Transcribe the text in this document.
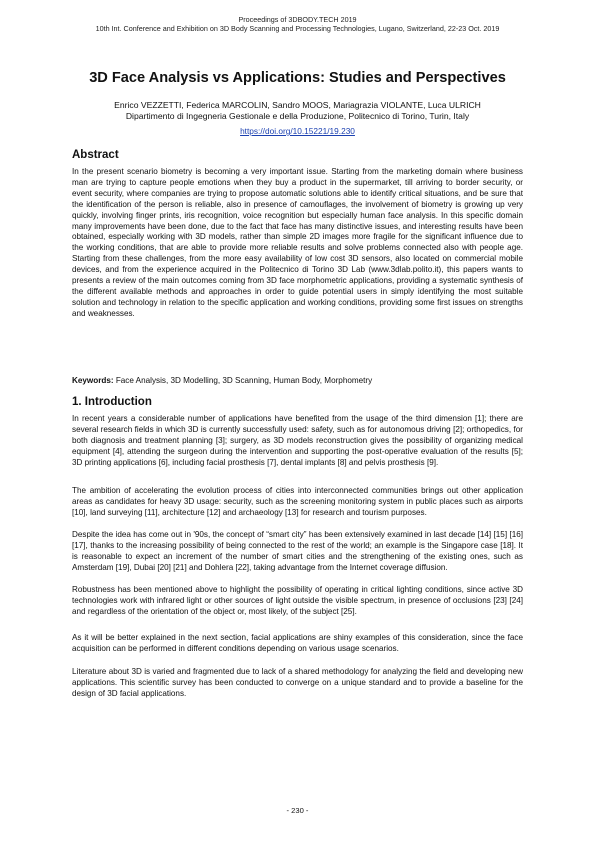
Proceedings of 3DBODY.TECH 2019
10th Int. Conference and Exhibition on 3D Body Scanning and Processing Technologies, Lugano, Switzerland, 22-23 Oct. 2019
3D Face Analysis vs Applications: Studies and Perspectives
Enrico VEZZETTI, Federica MARCOLIN, Sandro MOOS, Mariagrazia VIOLANTE, Luca ULRICH
Dipartimento di Ingegneria Gestionale e della Produzione, Politecnico di Torino, Turin, Italy
https://doi.org/10.15221/19.230
Abstract

In the present scenario biometry is becoming a very important issue. Starting from the marketing domain where business man are trying to capture people emotions when they buy a product in the supermarket, till arriving to border security, or event security, where companies are trying to propose automatic solutions able to identify critical situations, and be sure that the identification of the person is reliable, also in presence of camouflages, the involvement of biometry is growing up very quickly, involving finger prints, iris recognition, voice recognition but especially human face analysis. In this specific domain many improvements have been done, due to the fact that face has many distinctive issues, and interesting results have been obtained, especially working with 3D models, rather than simple 2D images more fragile for the significant influence due to the working conditions, that are able to provide more reliable results and solve problems connected also with people age. Starting from these challenges, from the more easy availability of low cost 3D sensors, also located on commercial mobile devices, and from the experience acquired in the Politecnico di Torino 3D Lab (www.3dlab.polito.it), this papers wants to presents a review of the main outcomes coming from 3D face morphometric applications, providing a systematic synthesis of the different available methods and approaches in order to guide potential users in simply identifying the most suitable solution and technology in relation to the specific application and working conditions, providing some first issues on strengths and weaknesses.

Keywords: Face Analysis, 3D Modelling, 3D Scanning, Human Body, Morphometry
1. Introduction

In recent years a considerable number of applications have benefited from the usage of the third dimension [1]; there are several research fields in which 3D is currently successfully used: safety, such as for autonomous driving [2]; orthopedics, for both diagnosis and treatment planning [3]; surgery, as 3D models reconstruction gives the possibility of organizing medical equipment [4], attending the surgeon during the intervention and supporting the post-operative evaluation of the results [5]; 3D printing applications [6], including facial prosthesis [7], dental implants [8] and pelvis prosthesis [9].

The ambition of accelerating the evolution process of cities into interconnected communities brings out other application areas as candidates for heavy 3D usage: security, such as the screening monitoring system in public places such as airports [10], land surveying [11], architecture [12] and archaeology [13] for research and tourism purposes.

Despite the idea has come out in '90s, the concept of “smart city” has been extensively examined in last decade [14] [15] [16] [17], thanks to the increasing possibility of being connected to the rest of the world; an example is the Singapore case [18]. It is reasonable to expect an increment of the number of smart cities and the strengthening of the existing ones, such as Amsterdam [19], Dubai [20] [21] and Dohlera [22], taking advantage from the Internet coverage diffusion.

Robustness has been mentioned above to highlight the possibility of operating in critical lighting conditions, since active 3D technologies work with infrared light or other sources of light outside the visible spectrum, in presence of occlusions [23] [24] and regardless of the orientation of the object or, most likely, of the subject [25].

As it will be better explained in the next section, facial applications are shiny examples of this consideration, since the face acquisition can be performed in different conditions depending on various usage scenarios.

Literature about 3D is varied and fragmented due to lack of a shared methodology for analyzing the field and developing new applications. This scientific survey has been conducted to converge on a unique standard and to provide a baseline for the design of 3D facial applications.

- 230 -
